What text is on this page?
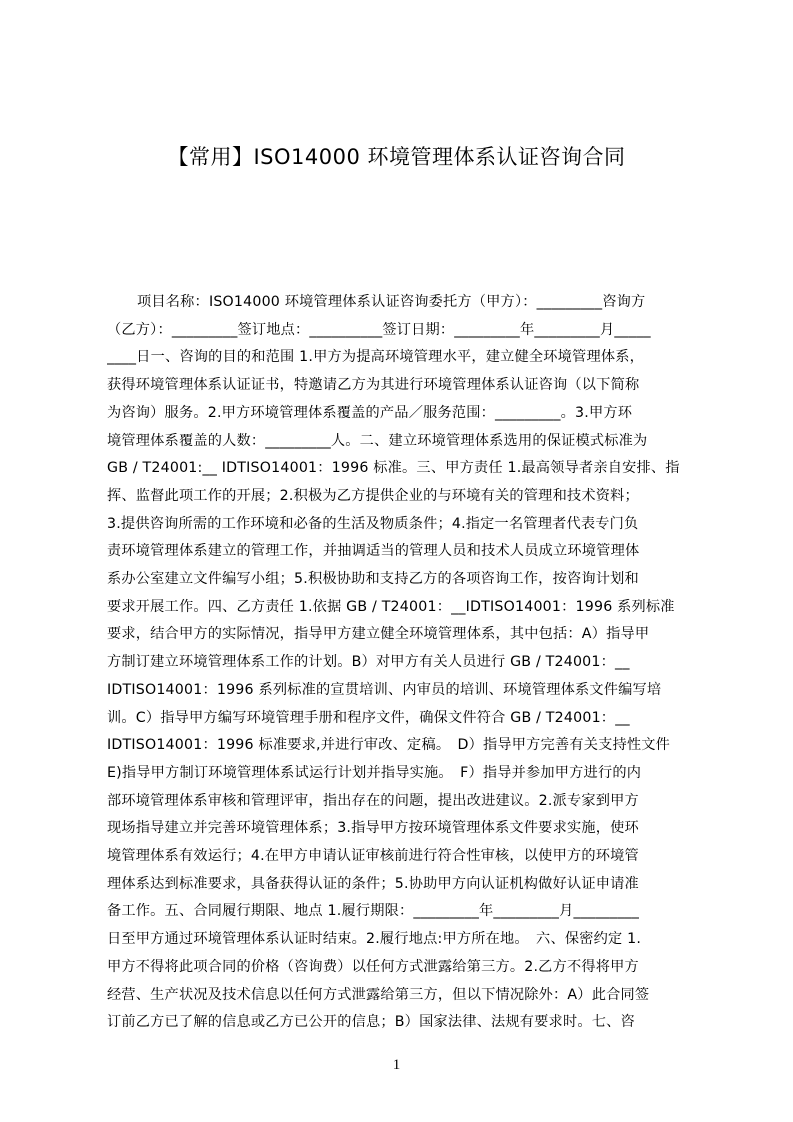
【常用】ISO14000 环境管理体系认证咨询合同
项目名称：ISO14000 环境管理体系认证咨询委托方（甲方）：_________咨询方
（乙方）：_________签订地点：__________签订日期：_________年_________月_____
____日一、咨询的目的和范围 1.甲方为提高环境管理水平，建立健全环境管理体系，
获得环境管理体系认证证书，特邀请乙方为其进行环境管理体系认证咨询（以下简称
为咨询）服务。2.甲方环境管理体系覆盖的产品／服务范围：_________。3.甲方环
境管理体系覆盖的人数：_________人。二、建立环境管理体系选用的保证模式标准为
GB / T24001:__ IDTISO14001：1996 标准。三、甲方责任 1.最高领导者亲自安排、指
挥、监督此项工作的开展；2.积极为乙方提供企业的与环境有关的管理和技术资料；
3.提供咨询所需的工作环境和必备的生活及物质条件；4.指定一名管理者代表专门负
责环境管理体系建立的管理工作，并抽调适当的管理人员和技术人员成立环境管理体
系办公室建立文件编写小组；5.积极协助和支持乙方的各项咨询工作，按咨询计划和
要求开展工作。四、乙方责任 1.依据 GB / T24001：__IDTISO14001：1996 系列标准
要求，结合甲方的实际情况，指导甲方建立健全环境管理体系，其中包括：A）指导甲
方制订建立环境管理体系工作的计划。B）对甲方有关人员进行 GB / T24001：__
IDTISO14001：1996 系列标准的宣贯培训、内审员的培训、环境管理体系文件编写培
训。C）指导甲方编写环境管理手册和程序文件，确保文件符合 GB / T24001：__
IDTISO14001：1996 标准要求,并进行审改、定稿。　D）指导甲方完善有关支持性文件
E)指导甲方制订环境管理体系试运行计划并指导实施。　F）指导并参加甲方进行的内
部环境管理体系审核和管理评审，指出存在的问题，提出改进建议。2.派专家到甲方
现场指导建立并完善环境管理体系；3.指导甲方按环境管理体系文件要求实施，使环
境管理体系有效运行；4.在甲方申请认证审核前进行符合性审核，以使甲方的环境管
理体系达到标准要求，具备获得认证的条件；5.协助甲方向认证机构做好认证申请准
备工作。五、合同履行期限、地点 1.履行期限：_________年_________月_________
日至甲方通过环境管理体系认证时结束。2.履行地点:甲方所在地。　六、保密约定 1.
甲方不得将此项合同的价格（咨询费）以任何方式泄露给第三方。2.乙方不得将甲方
经营、生产状况及技术信息以任何方式泄露给第三方，但以下情况除外：A）此合同签
订前乙方已了解的信息或乙方已公开的信息；B）国家法律、法规有要求时。七、咨
1
